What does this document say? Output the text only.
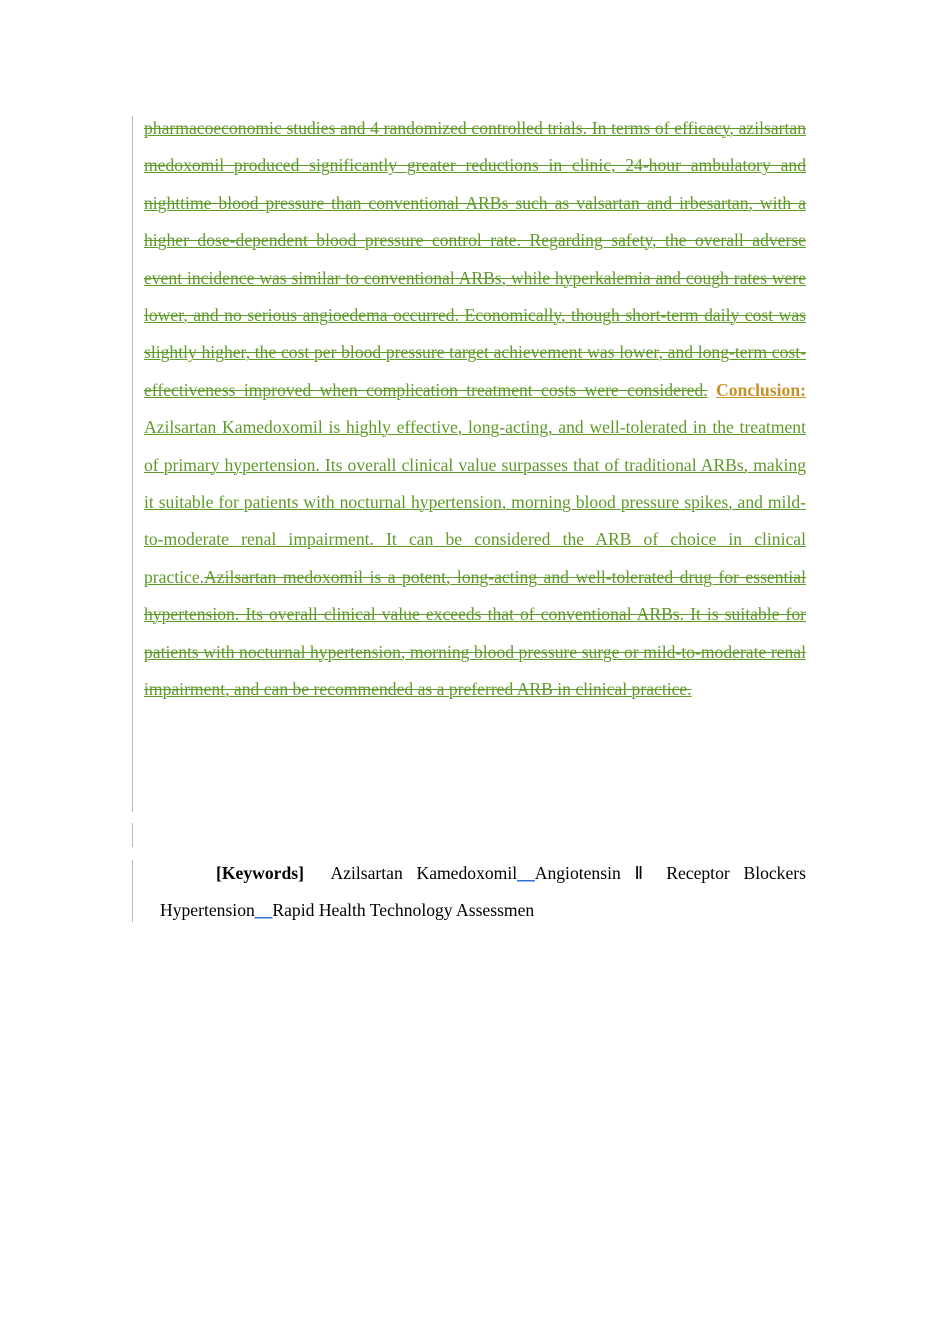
pharmacoeconomic studies and 4 randomized controlled trials. In terms of efficacy, azilsartan medoxomil produced significantly greater reductions in clinic, 24-hour ambulatory and nighttime blood pressure than conventional ARBs such as valsartan and irbesartan, with a higher dose-dependent blood pressure control rate. Regarding safety, the overall adverse event incidence was similar to conventional ARBs, while hyperkalemia and cough rates were lower, and no serious angioedema occurred. Economically, though short-term daily cost was slightly higher, the cost per blood pressure target achievement was lower, and long-term cost-effectiveness improved when complication treatment costs were considered. Conclusion: Azilsartan Kamedoxomil is highly effective, long-acting, and well-tolerated in the treatment of primary hypertension. Its overall clinical value surpasses that of traditional ARBs, making it suitable for patients with nocturnal hypertension, morning blood pressure spikes, and mild-to-moderate renal impairment. It can be considered the ARB of choice in clinical practice.Azilsartan medoxomil is a potent, long-acting and well-tolerated drug for essential hypertension. Its overall clinical value exceeds that of conventional ARBs. It is suitable for patients with nocturnal hypertension, morning blood pressure surge or mild-to-moderate renal impairment, and can be recommended as a preferred ARB in clinical practice.

[Keywords] Azilsartan Kamedoxomil__Angiotensin Ⅱ Receptor Blockers Hypertension__Rapid Health Technology Assessmen
